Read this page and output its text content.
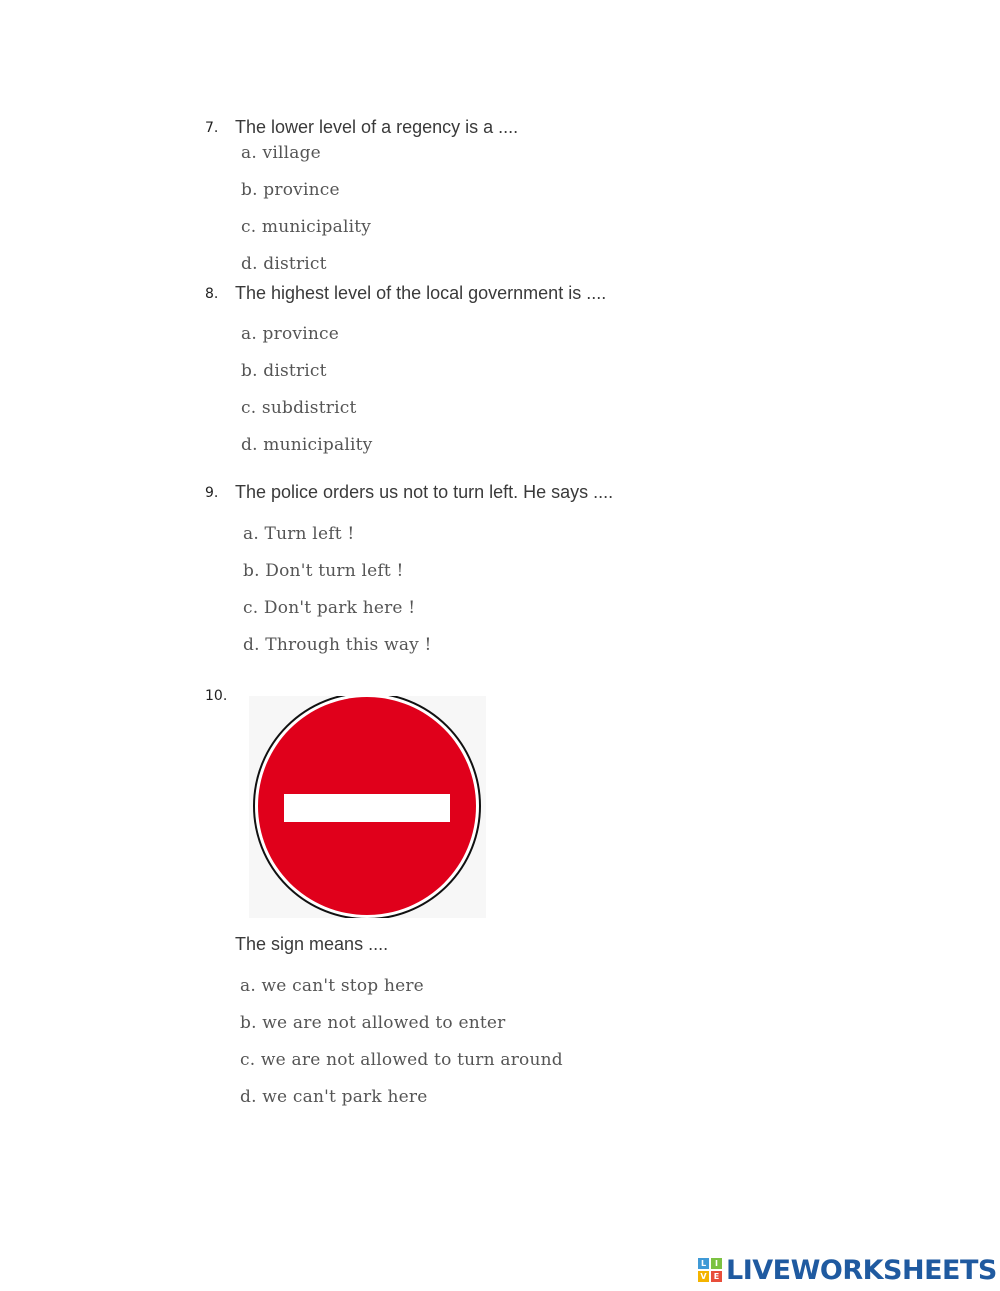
7. The lower level of a regency is a ....
a. village
b. province
c. municipality
d. district
8. The highest level of the local government is ....
a. province
b. district
c. subdistrict
d. municipality
9. The police orders us not to turn left. He says ....
a. Turn left !
b. Don't turn left !
c. Don't park here !
d. Through this way !
10.
The sign means ....
a. we can't stop here
b. we are not allowed to enter
c. we are not allowed to turn around
d. we can't park here
L	I
V E LIVEWORKSHEETS
